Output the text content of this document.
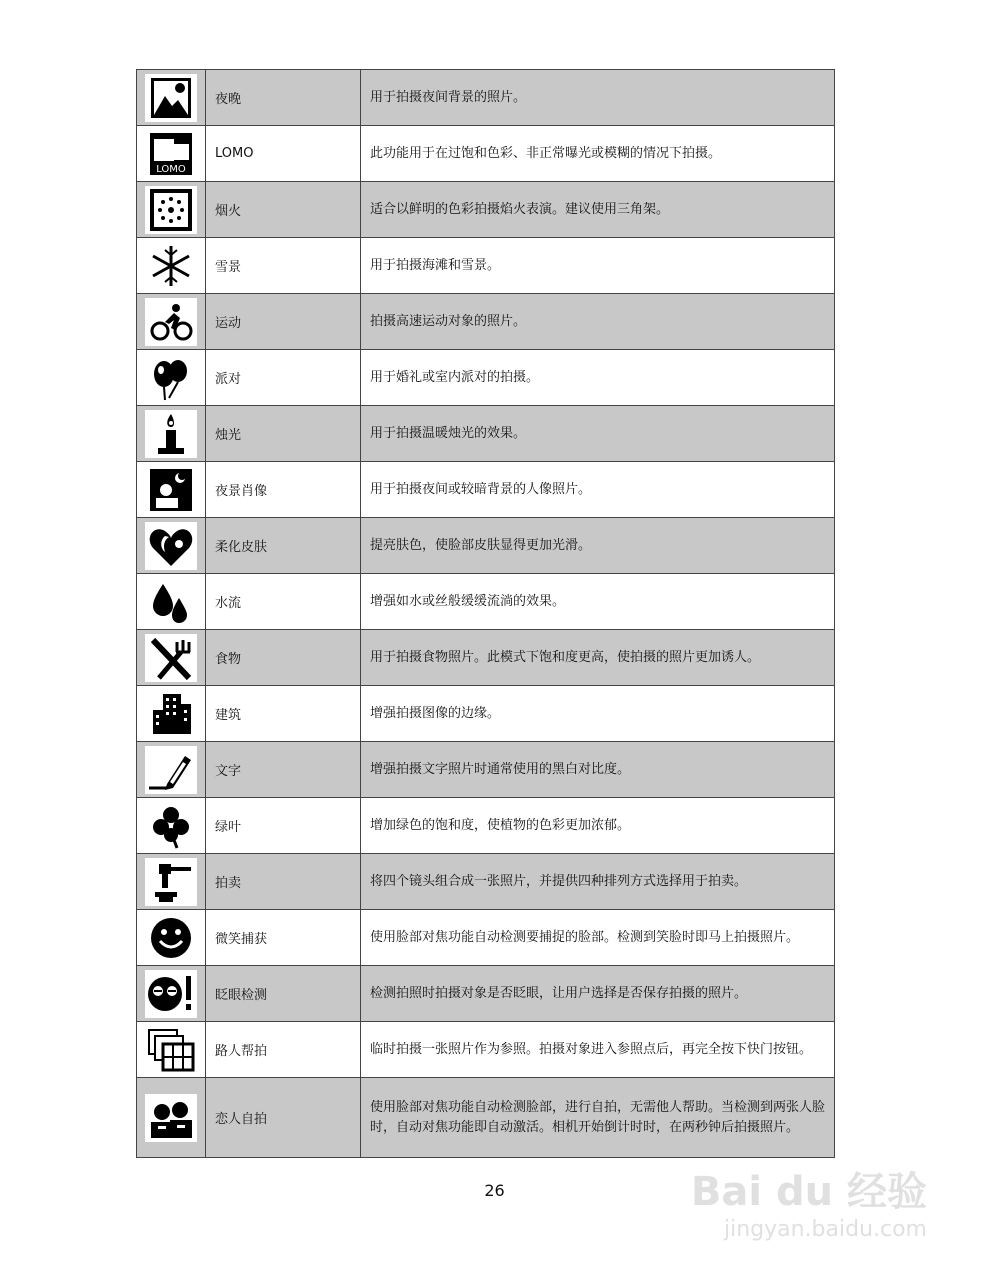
	夜晚	用于拍摄夜间背景的照片。

LOMO	LOMO	此功能用于在过饱和色彩、非正常曝光或模糊的情况下拍摄。

	烟火	适合以鲜明的色彩拍摄焰火表演。建议使用三角架。

	雪景	用于拍摄海滩和雪景。

	运动	拍摄高速运动对象的照片。

	派对	用于婚礼或室内派对的拍摄。

	烛光	用于拍摄温暖烛光的效果。

	夜景肖像	用于拍摄夜间或较暗背景的人像照片。

	柔化皮肤	提亮肤色，使脸部皮肤显得更加光滑。

	水流	增强如水或丝般缓缓流淌的效果。

	食物	用于拍摄食物照片。此模式下饱和度更高，使拍摄的照片更加诱人。

	建筑	增强拍摄图像的边缘。

	文字	增强拍摄文字照片时通常使用的黑白对比度。

	绿叶	增加绿色的饱和度，使植物的色彩更加浓郁。

	拍卖	将四个镜头组合成一张照片，并提供四种排列方式选择用于拍卖。

	微笑捕获	使用脸部对焦功能自动检测要捕捉的脸部。检测到笑脸时即马上拍摄照片。

	眨眼检测	检测拍照时拍摄对象是否眨眼，让用户选择是否保存拍摄的照片。

	路人帮拍	临时拍摄一张照片作为参照。拍摄对象进入参照点后，再完全按下快门按钮。

	恋人自拍	使用脸部对焦功能自动检测脸部，进行自拍，无需他人帮助。当检测到两张人脸时，自动对焦功能即自动激活。相机开始倒计时时，在两秒钟后拍摄照片。
26	Bai du 经验
jingyan.baidu.com
